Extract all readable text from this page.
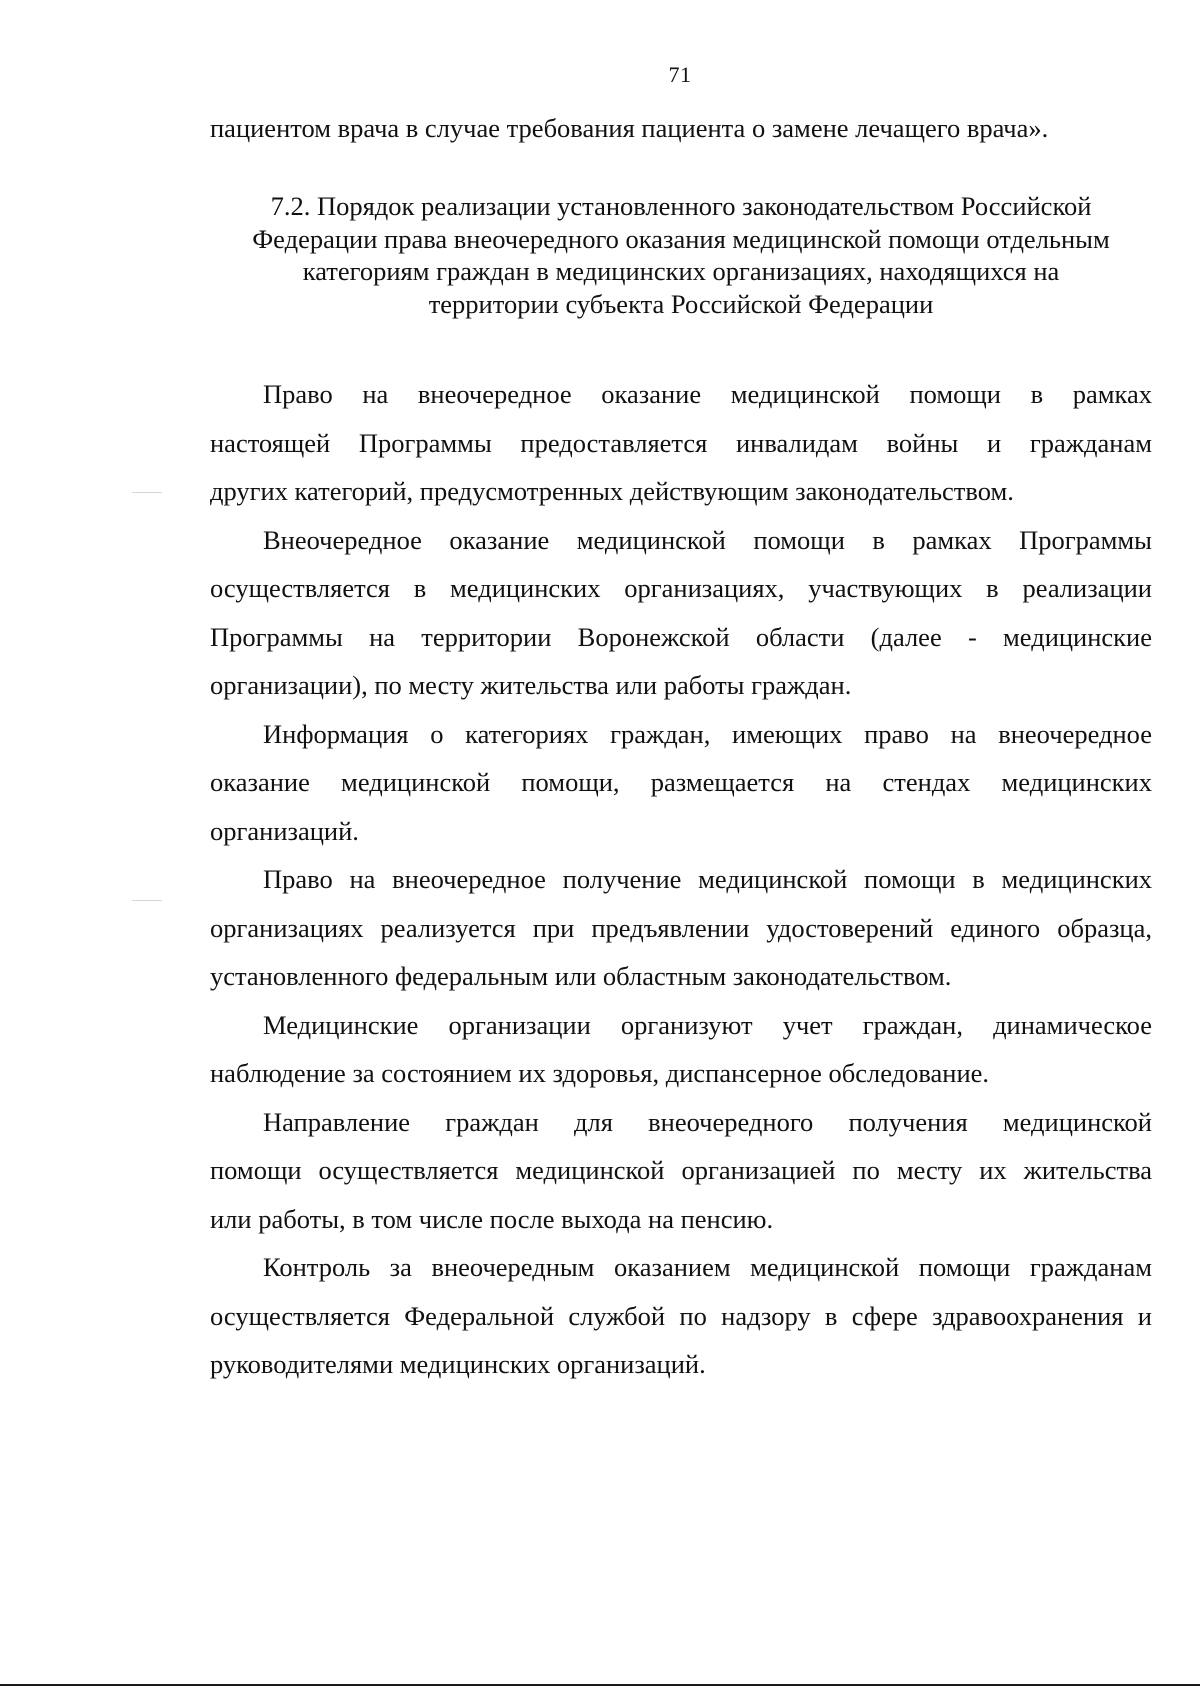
71
пациентом врача в случае требования пациента о замене лечащего врача».
7.2. Порядок реализации установленного законодательством Российской
Федерации права внеочередного оказания медицинской помощи отдельным
категориям граждан в медицинских организациях, находящихся на
территории субъекта Российской Федерации
Право на внеочередное оказание медицинской помощи в рамках
настоящей Программы предоставляется инвалидам войны и гражданам
других категорий, предусмотренных действующим законодательством.
Внеочередное оказание медицинской помощи в рамках Программы
осуществляется в медицинских организациях, участвующих в реализации
Программы на территории Воронежской области (далее - медицинские
организации), по месту жительства или работы граждан.
Информация о категориях граждан, имеющих право на внеочередное
оказание медицинской помощи, размещается на стендах медицинских
организаций.
Право на внеочередное получение медицинской помощи в медицинских
организациях реализуется при предъявлении удостоверений единого образца,
установленного федеральным или областным законодательством.
Медицинские организации организуют учет граждан, динамическое
наблюдение за состоянием их здоровья, диспансерное обследование.
Направление граждан для внеочередного получения медицинской
помощи осуществляется медицинской организацией по месту их жительства
или работы, в том числе после выхода на пенсию.
Контроль за внеочередным оказанием медицинской помощи гражданам
осуществляется Федеральной службой по надзору в сфере здравоохранения и
руководителями медицинских организаций.
